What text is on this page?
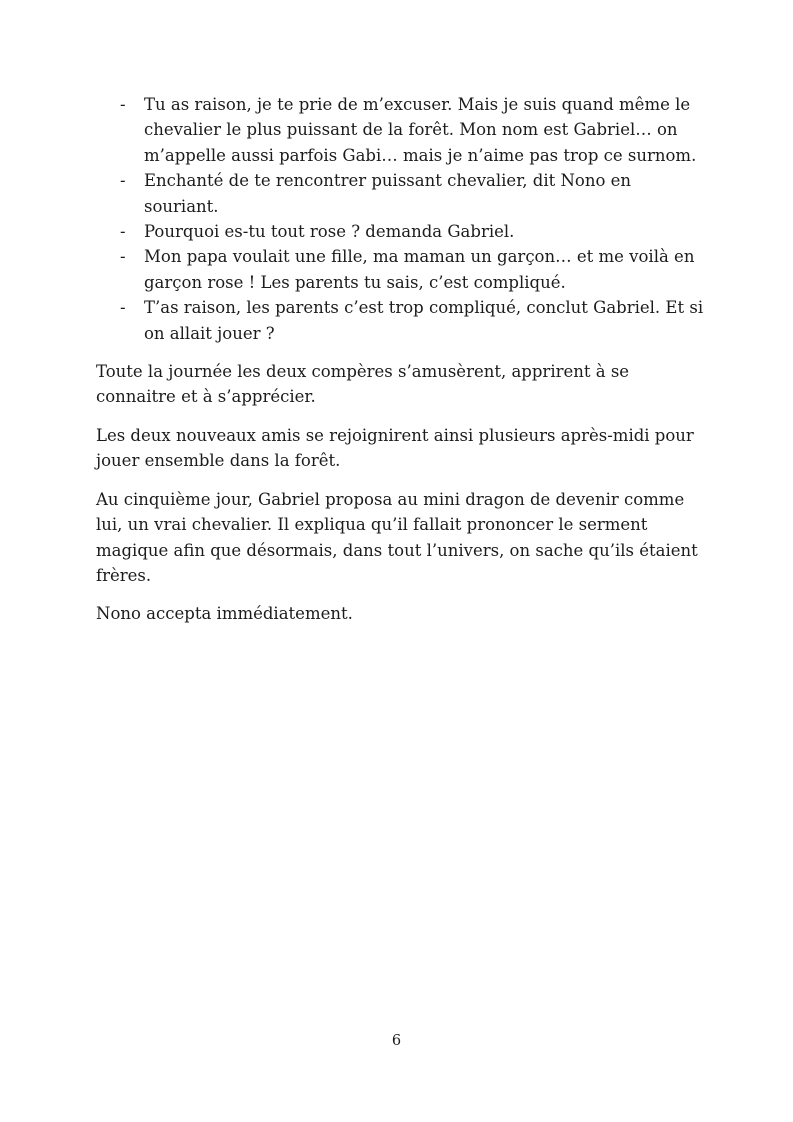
-	Tu as raison, je te prie de m’excuser. Mais je suis quand même le chevalier le plus puissant de la forêt. Mon nom est Gabriel… on m’appelle aussi parfois Gabi… mais je n’aime pas trop ce surnom.
-	Enchanté de te rencontrer puissant chevalier, dit Nono en souriant.
-	Pourquoi es-tu tout rose ? demanda Gabriel.
-	Mon papa voulait une fille, ma maman un garçon… et me voilà en garçon rose ! Les parents tu sais, c’est compliqué.
-	T’as raison, les parents c’est trop compliqué, conclut Gabriel. Et si on allait jouer ?

Toute la journée les deux compères s’amusèrent, apprirent à se connaitre et à s’apprécier.

Les deux nouveaux amis se rejoignirent ainsi plusieurs après-midi pour jouer ensemble dans la forêt.

Au cinquième jour, Gabriel proposa au mini dragon de devenir comme lui, un vrai chevalier. Il expliqua qu’il fallait prononcer le serment magique afin que désormais, dans tout l’univers, on sache qu’ils étaient frères.

Nono accepta immédiatement.

6
